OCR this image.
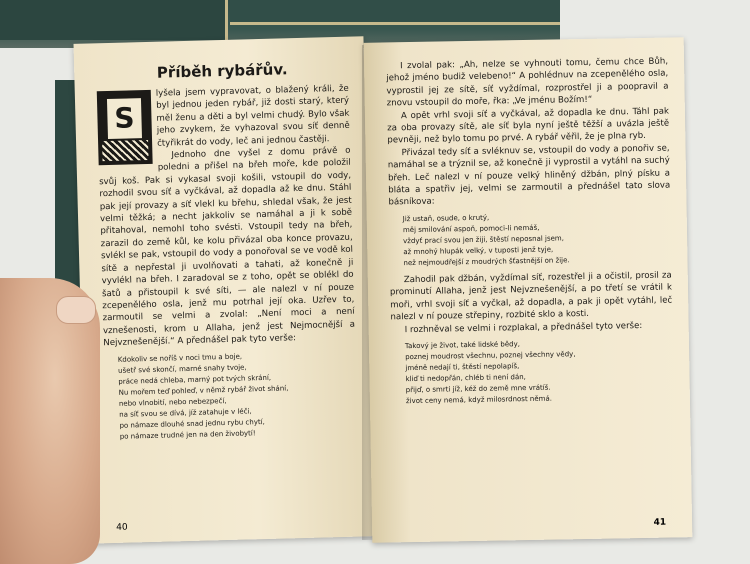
Příběh rybářův.
S

lyšela jsem vypravovat, o blažený králi, že byl jednou jeden rybář, již dosti starý, který měl ženu a děti a byl velmi chudý. Bylo však jeho zvykem, že vyhazoval svou síť denně čtyřikrát do vody, leč ani jednou častěji.

Jednoho dne vyšel z domu právě o poledni a přišel na břeh moře, kde položil svůj koš. Pak si vykasal svoji košili, vstoupil do vody, rozhodil svou síť a vyčkával, až dopadla až ke dnu. Stáhl pak její provazy a síť vlekl ku břehu, shledal však, že jest velmi těžká; a necht jakkoliv se namáhal a ji k sobě přitahoval, nemohl toho svésti. Vstoupil tedy na břeh, zarazil do země kůl, ke kolu přivázal oba konce provazu, svlékl se pak, vstoupil do vody a ponořoval se ve vodě kol sítě a nepřestal ji uvolňovati a tahati, až konečně ji vyvlékl na břeh. I zaradoval se z toho, opět se oblékl do šatů a přistoupil k své síti, — ale nalezl v ní pouze zcepenělého osla, jenž mu potrhal její oka. Uzřev to, zarmoutil se velmi a zvolal: „Není moci a není vznešenosti, krom u Allaha, jenž jest Nejmocnější a Nejvznešenější.“ A přednášel pak tyto verše:

Kdokoliv se noříš v noci tmu a boje,
ušetř své skončí, marné snahy tvoje,
práce nedá chleba, marný pot tvých skrání,
Nu mořem teď pohleď, v němž rybář život shání,
nebo vlnobití, nebo nebezpečí,
na síť svou se dívá, jíž zatahuje v léči,
po námaze dlouhé snad jednu rybu chytí,
po námaze trudné jen na den živobytí!
40

I zvolal pak: „Ah, nelze se vyhnouti tomu, čemu chce Bůh, jehož jméno budiž velebeno!“ A pohlédnuv na zcepenělého osla, vyprostil jej ze sítě, síť vyždímal, rozprostřel ji a poopravil a znovu vstoupil do moře, řka: „Ve jménu Božím!“

A opět vrhl svoji síť a vyčkával, až dopadla ke dnu. Táhl pak za oba provazy sítě, ale síť byla nyní ještě těžší a uvázla ještě pevněji, než bylo tomu po prvé. A rybář věřil, že je plna ryb.

Přivázal tedy síť a svléknuv se, vstoupil do vody a ponořiv se, namáhal se a trýznil se, až konečně ji vyprostil a vytáhl na suchý břeh. Leč nalezl v ní pouze velký hliněný džbán, plný písku a bláta a spatřiv jej, velmi se zarmoutil a přednášel tato slova básníkova:

Již ustaň, osude, o krutý,
měj smilování aspoň, pomoci-li nemáš,
vždyť prací svou jen žiji, štěstí neposnal jsem,
až mnohý hlupák velký, v tuposti jenž tyje,
než nejmoudřejší z moudrých šťastnější on žije.

Zahodil pak džbán, vyždímal síť, rozestřel ji a očistil, prosil za prominutí Allaha, jenž jest Nejvznešenější, a po třetí se vrátil k moři, vrhl svoji síť a vyčkal, až dopadla, a pak ji opět vytáhl, leč nalezl v ní pouze střepiny, rozbité sklo a kosti.

I rozhněval se velmi i rozplakal, a přednášel tyto verše:

Takový je život, také lidské bědy,
poznej moudrost všechnu, poznej všechny vědy,
jméně nedají ti, štěstí nepolapíš,
kliď ti nedopřán, chléb ti není dán,
přijď, o smrti jíž, kéž do země mne vrátíš.
život ceny nemá, když milosrdnost němá.
41
